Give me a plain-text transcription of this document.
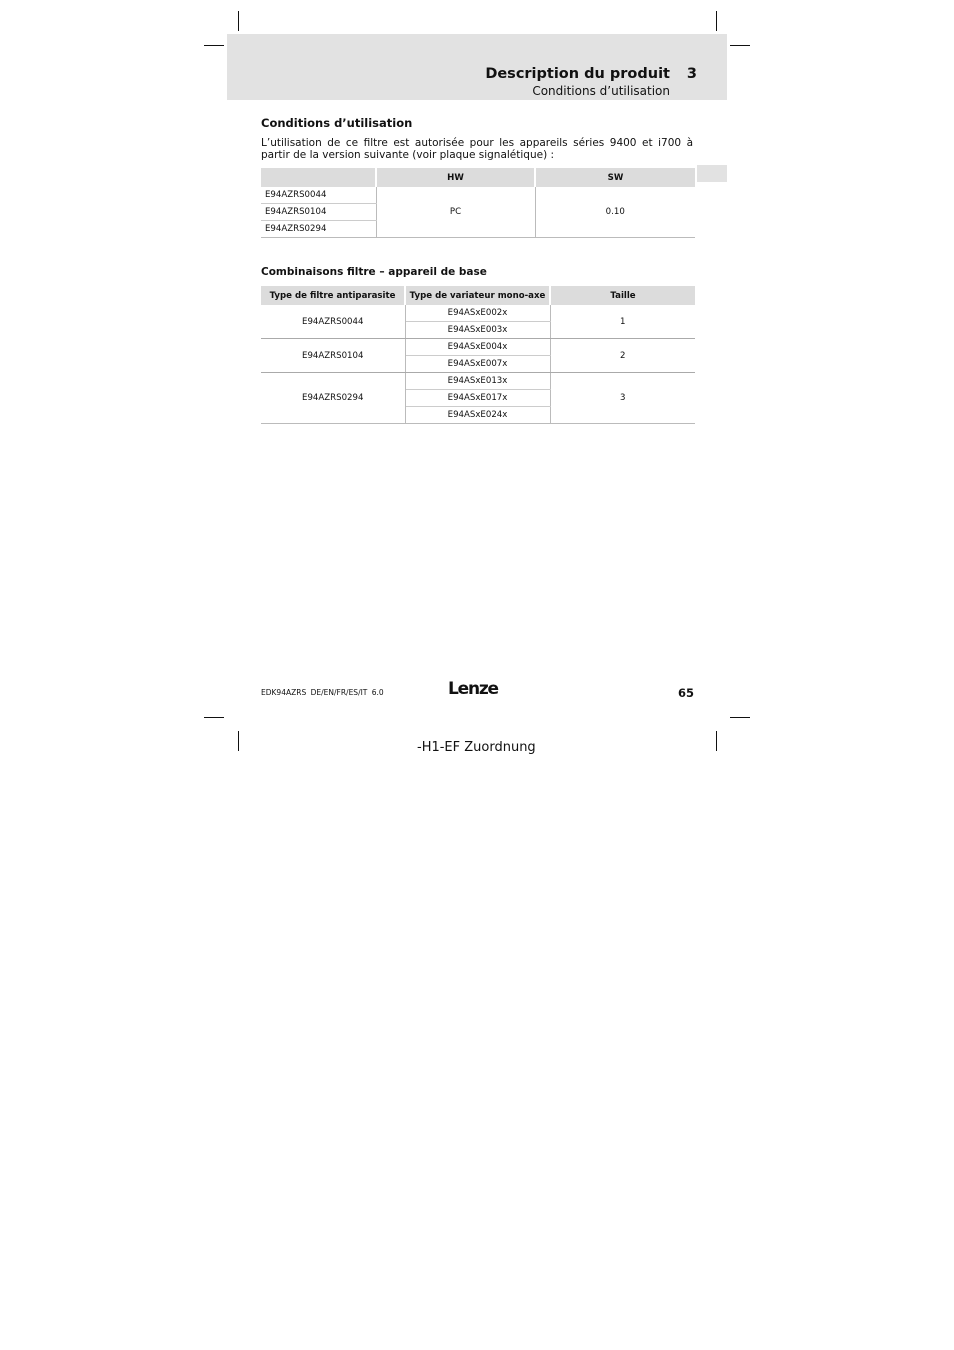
Description du produit 3
Conditions d’utilisation
Conditions d’utilisation
L’utilisation de ce filtre est autorisée pour les appareils séries 9400 et i700 à partir de la version suivante (voir plaque signalétique) :
	HW	SW
E94AZRS0044	PC	0.10
E94AZRS0104		
E94AZRS0294		
Combinaisons filtre – appareil de base
Type de filtre antiparasite	Type de variateur mono-axe	Taille
E94AZRS0044	E94ASxE002x	1
	E94ASxE003x	
E94AZRS0104	E94ASxE004x	2
	E94ASxE007x	
E94AZRS0294	E94ASxE013x	3
	E94ASxE017x	
	E94ASxE024x	
EDK94AZRS DE/EN/FR/ES/IT 6.0	Lenze	65
-H1-EF Zuordnung
